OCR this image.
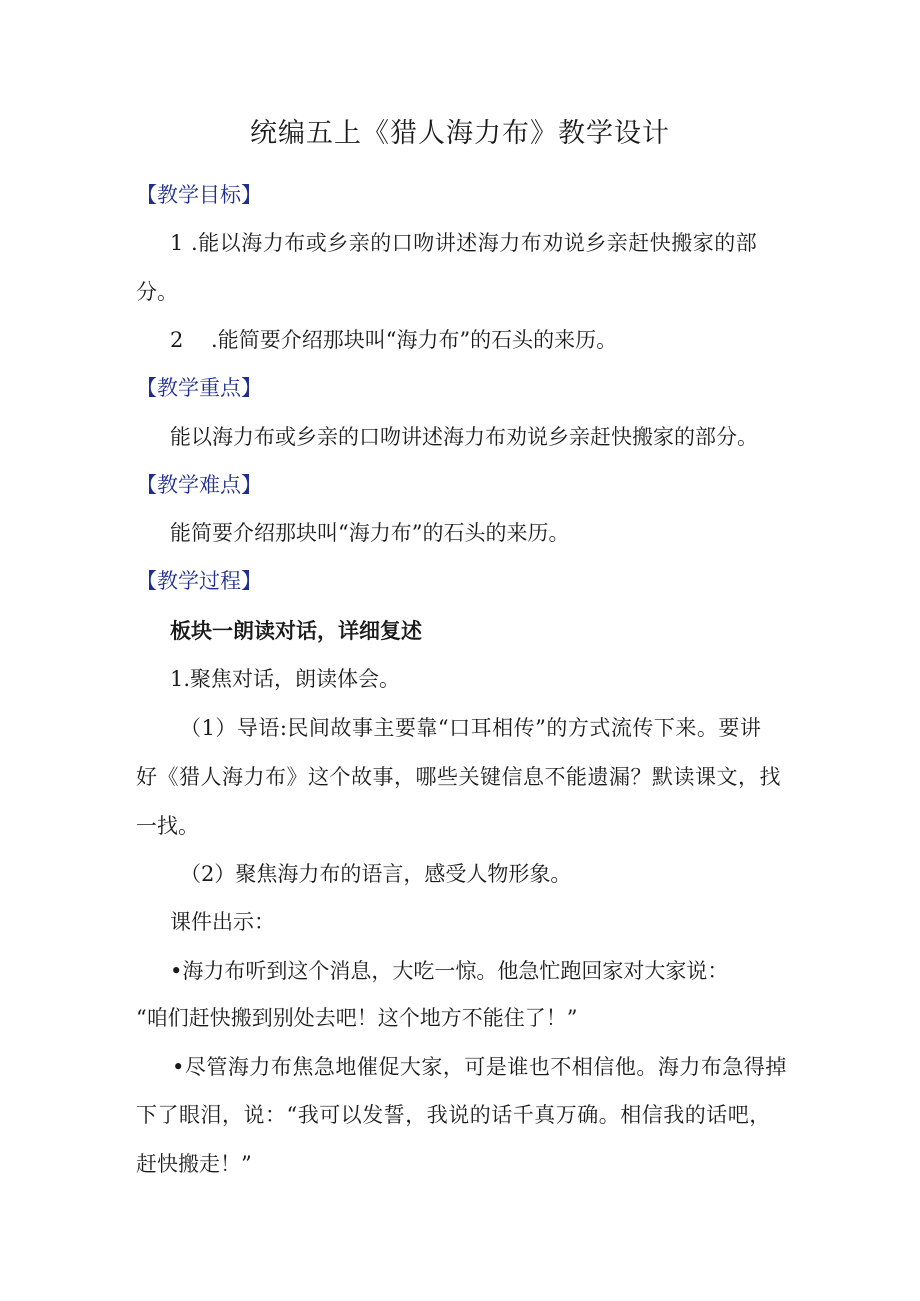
统编五上《猎人海力布》教学设计
【教学目标】
1 .能以海力布或乡亲的口吻讲述海力布劝说乡亲赶快搬家的部
分。
2　 .能简要介绍那块叫“海力布”的石头的来历。
【教学重点】
能以海力布或乡亲的口吻讲述海力布劝说乡亲赶快搬家的部分。
【教学难点】
能简要介绍那块叫“海力布”的石头的来历。
【教学过程】
板块一朗读对话，详细复述
1.聚焦对话，朗读体会。
（1）导语:民间故事主要靠“口耳相传”的方式流传下来。要讲
好《猎人海力布》这个故事，哪些关键信息不能遗漏？默读课文，找
一找。
（2）聚焦海力布的语言，感受人物形象。
课件出示：
•海力布听到这个消息，大吃一惊。他急忙跑回家对大家说：
“咱们赶快搬到别处去吧！这个地方不能住了！”
•尽管海力布焦急地催促大家，可是谁也不相信他。海力布急得掉
下了眼泪，说：“我可以发誓，我说的话千真万确。相信我的话吧，
赶快搬走！”
